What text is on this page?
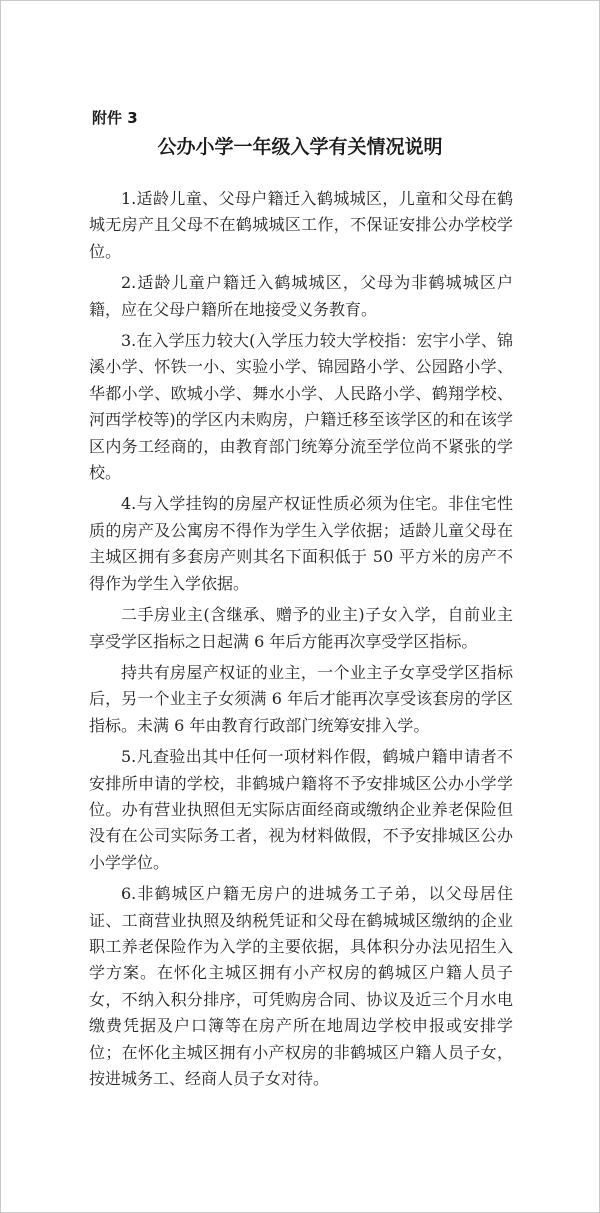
附件 3

公办小学一年级入学有关情况说明

1.适龄儿童、父母户籍迁入鹤城城区，儿童和父母在鹤城无房产且父母不在鹤城城区工作，不保证安排公办学校学位。

2.适龄儿童户籍迁入鹤城城区，父母为非鹤城城区户籍，应在父母户籍所在地接受义务教育。

3.在入学压力较大(入学压力较大学校指：宏宇小学、锦溪小学、怀铁一小、实验小学、锦园路小学、公园路小学、华都小学、欧城小学、舞水小学、人民路小学、鹤翔学校、河西学校等)的学区内未购房，户籍迁移至该学区的和在该学区内务工经商的，由教育部门统筹分流至学位尚不紧张的学校。

4.与入学挂钩的房屋产权证性质必须为住宅。非住宅性质的房产及公寓房不得作为学生入学依据；适龄儿童父母在主城区拥有多套房产则其名下面积低于 50 平方米的房产不得作为学生入学依据。

二手房业主(含继承、赠予的业主)子女入学，自前业主享受学区指标之日起满 6 年后方能再次享受学区指标。

持共有房屋产权证的业主，一个业主子女享受学区指标后，另一个业主子女须满 6 年后才能再次享受该套房的学区指标。未满 6 年由教育行政部门统筹安排入学。

5.凡查验出其中任何一项材料作假，鹤城户籍申请者不安排所申请的学校，非鹤城户籍将不予安排城区公办小学学位。办有营业执照但无实际店面经商或缴纳企业养老保险但没有在公司实际务工者，视为材料做假，不予安排城区公办小学学位。

6.非鹤城区户籍无房户的进城务工子弟，以父母居住证、工商营业执照及纳税凭证和父母在鹤城城区缴纳的企业职工养老保险作为入学的主要依据，具体积分办法见招生入学方案。在怀化主城区拥有小产权房的鹤城区户籍人员子女，不纳入积分排序，可凭购房合同、协议及近三个月水电缴费凭据及户口簿等在房产所在地周边学校申报或安排学位；在怀化主城区拥有小产权房的非鹤城区户籍人员子女，按进城务工、经商人员子女对待。
